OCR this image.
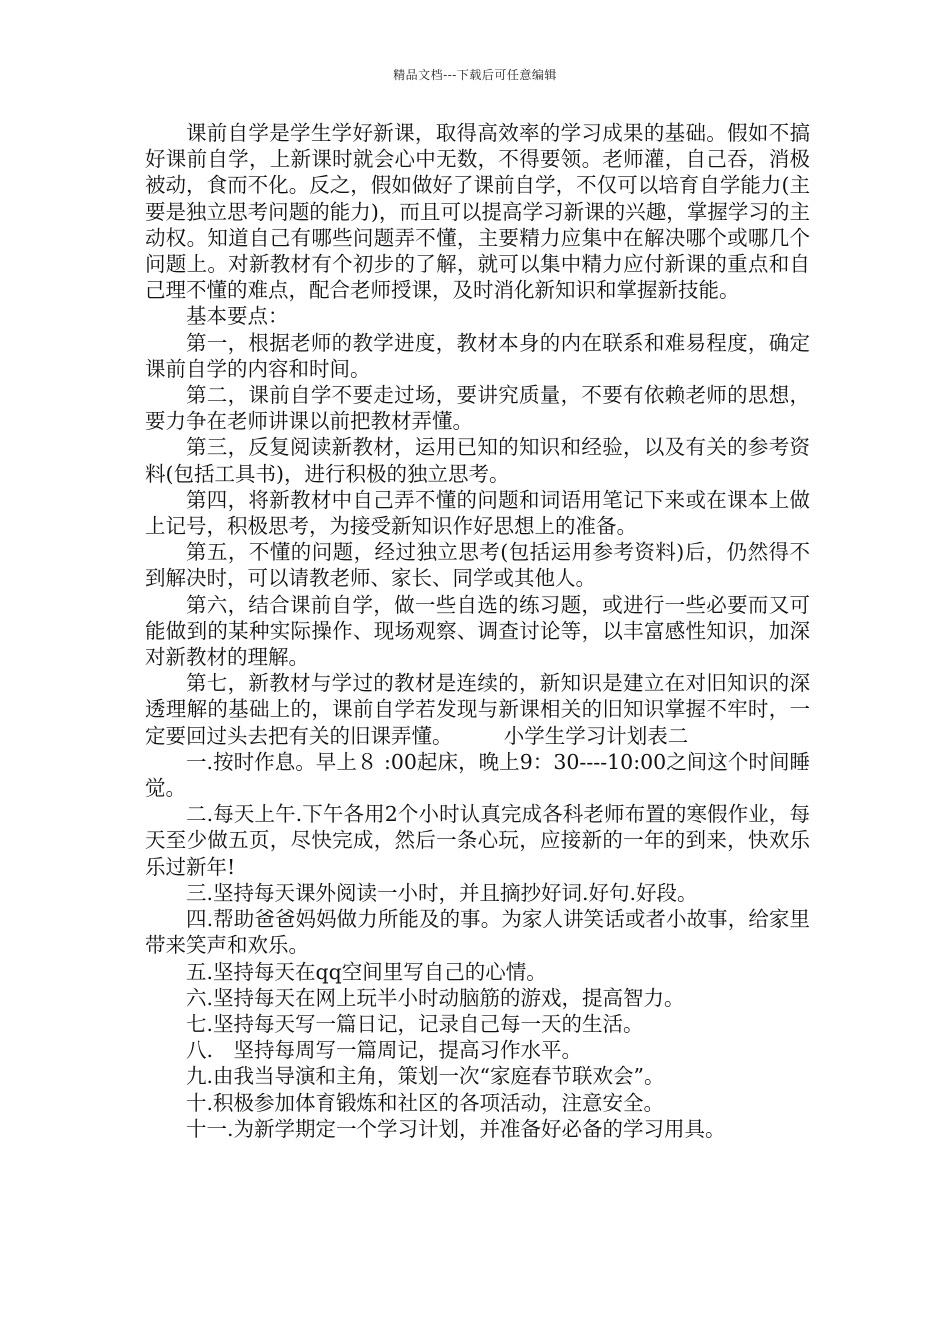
精品文档---下载后可任意编辑

课前自学是学生学好新课，取得高效率的学习成果的基础。假如不搞好课前自学，上新课时就会心中无数，不得要领。老师灌，自己吞，消极被动，食而不化。反之，假如做好了课前自学，不仅可以培育自学能力(主要是独立思考问题的能力)，而且可以提高学习新课的兴趣，掌握学习的主动权。知道自己有哪些问题弄不懂，主要精力应集中在解决哪个或哪几个问题上。对新教材有个初步的了解，就可以集中精力应付新课的重点和自己理不懂的难点，配合老师授课，及时消化新知识和掌握新技能。

基本要点：

第一，根据老师的教学进度，教材本身的内在联系和难易程度，确定课前自学的内容和时间。

第二，课前自学不要走过场，要讲究质量，不要有依赖老师的思想，要力争在老师讲课以前把教材弄懂。

第三，反复阅读新教材，运用已知的知识和经验，以及有关的参考资料(包括工具书)，进行积极的独立思考。

第四，将新教材中自己弄不懂的问题和词语用笔记下来或在课本上做上记号，积极思考，为接受新知识作好思想上的准备。

第五，不懂的问题，经过独立思考(包括运用参考资料)后，仍然得不到解决时，可以请教老师、家长、同学或其他人。

第六，结合课前自学，做一些自选的练习题，或进行一些必要而又可能做到的某种实际操作、现场观察、调查讨论等，以丰富感性知识，加深对新教材的理解。

第七，新教材与学过的教材是连续的，新知识是建立在对旧知识的深透理解的基础上的，课前自学若发现与新课相关的旧知识掌握不牢时，一定要回过头去把有关的旧课弄懂。　　　小学生学习计划表二

一.按时作息。早上８ :00起床，晚上9：30----10:00之间这个时间睡觉。

二.每天上午.下午各用2个小时认真完成各科老师布置的寒假作业，每天至少做五页，尽快完成，然后一条心玩，应接新的一年的到来，快欢乐乐过新年!

三.坚持每天课外阅读一小时，并且摘抄好词.好句.好段。

四.帮助爸爸妈妈做力所能及的事。为家人讲笑话或者小故事，给家里带来笑声和欢乐。

五.坚持每天在qq空间里写自己的心情。

六.坚持每天在网上玩半小时动脑筋的游戏，提高智力。

七.坚持每天写一篇日记，记录自己每一天的生活。

八.　坚持每周写一篇周记，提高习作水平。

九.由我当导演和主角，策划一次“家庭春节联欢会”。

十.积极参加体育锻炼和社区的各项活动，注意安全。

十一.为新学期定一个学习计划，并准备好必备的学习用具。
